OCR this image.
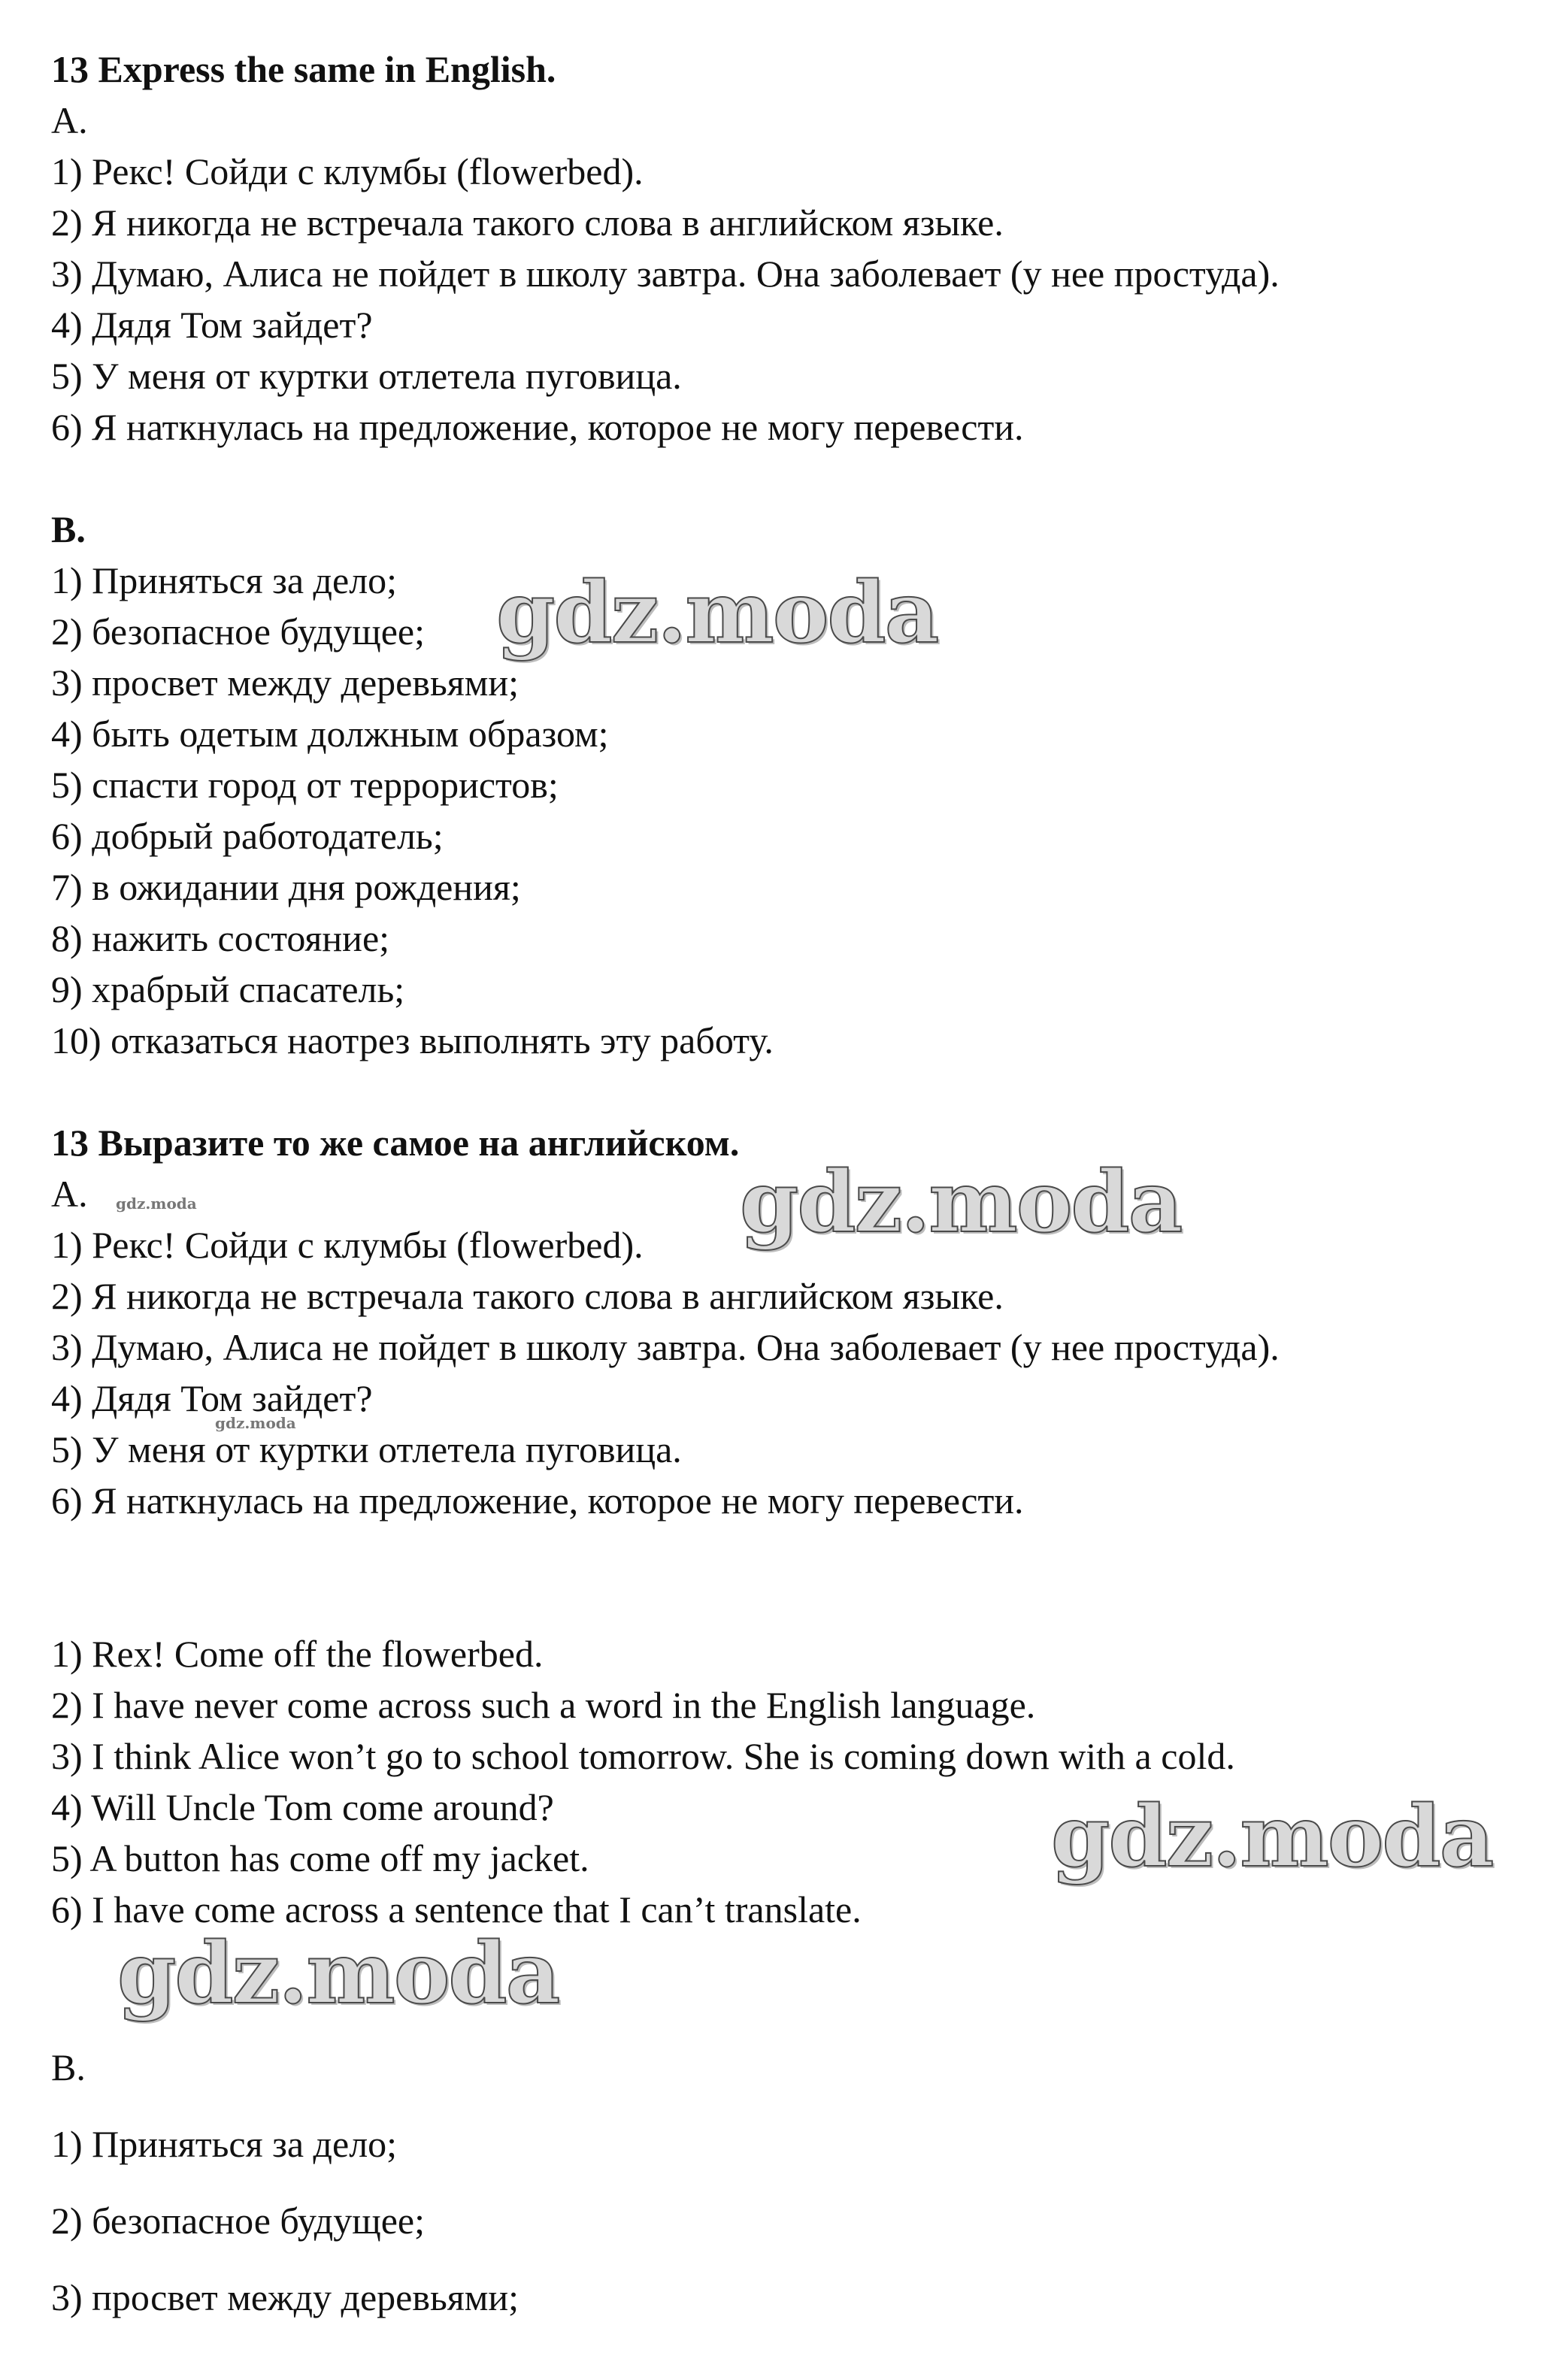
13 Express the same in English.
A.
1) Рекс! Сойди с клумбы (flowerbed).
2) Я никогда не встречала такого слова в английском языке.
3) Думаю, Алиса не пойдет в школу завтра. Она заболевает (у нее простуда).
4) Дядя Том зайдет?
5) У меня от куртки отлетела пуговица.
6) Я наткнулась на предложение, которое не могу перевести.
B.
1) Приняться за дело;
2) безопасное будущее;
3) просвет между деревьями;
4) быть одетым должным образом;
5) спасти город от террористов;
6) добрый работодатель;
7) в ожидании дня рождения;
8) нажить состояние;
9) храбрый спасатель;
10) отказаться наотрез выполнять эту работу.
13 Выразите то же самое на английском.
A.
1) Рекс! Сойди с клумбы (flowerbed).
2) Я никогда не встречала такого слова в английском языке.
3) Думаю, Алиса не пойдет в школу завтра. Она заболевает (у нее простуда).
4) Дядя Том зайдет?
5) У меня от куртки отлетела пуговица.
6) Я наткнулась на предложение, которое не могу перевести.
1) Rex! Come off the flowerbed.
2) I have never come across such a word in the English language.
3) I think Alice won’t go to school tomorrow. She is coming down with a cold.
4) Will Uncle Tom come around?
5) A button has come off my jacket.
6) I have come across a sentence that I can’t translate.
B.
1) Приняться за дело;
2) безопасное будущее;
3) просвет между деревьями;
gdz.moda
gdz.moda
gdz.moda
gdz.moda
gdz.moda
gdz.moda
